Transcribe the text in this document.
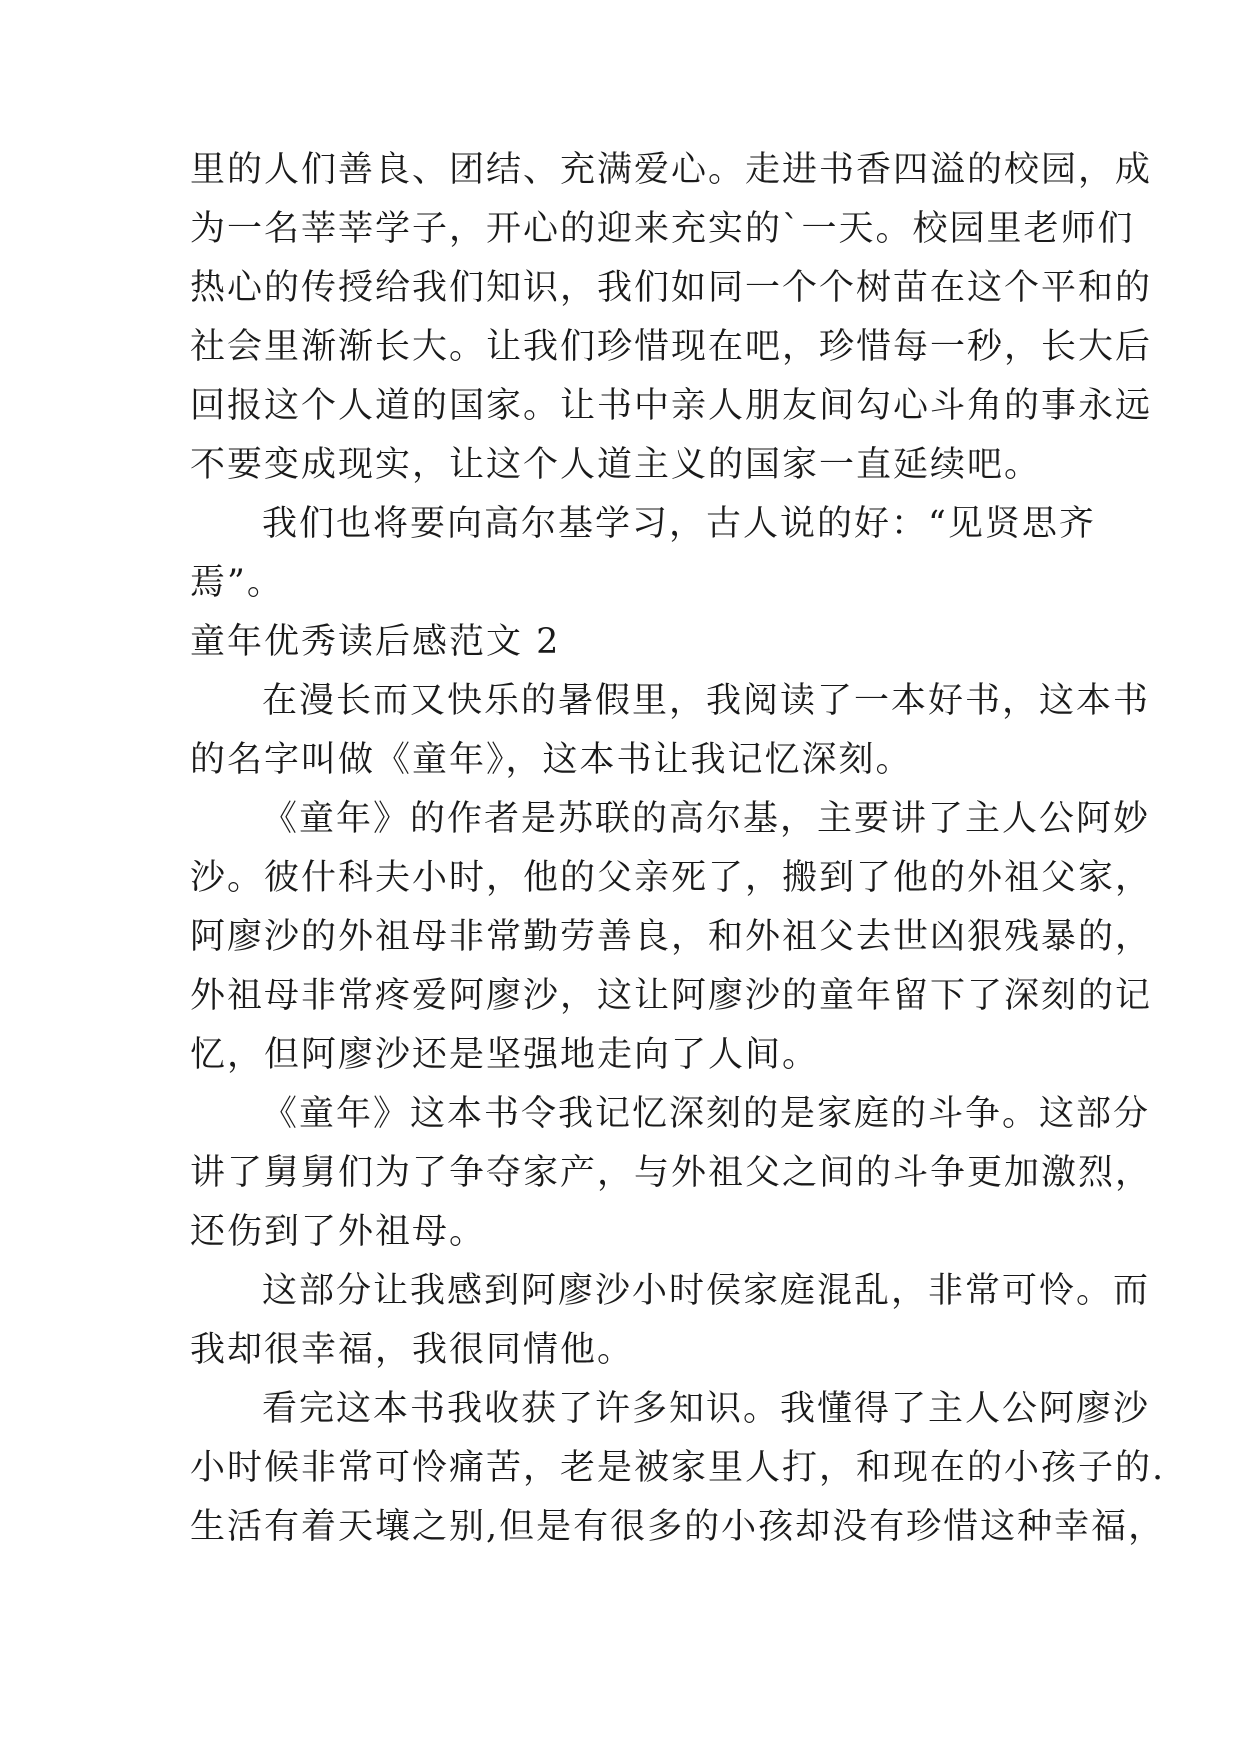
里的人们善良、团结、充满爱心。走进书香四溢的校园，成
为一名莘莘学子，开心的迎来充实的`一天。校园里老师们
热心的传授给我们知识，我们如同一个个树苗在这个平和的
社会里渐渐长大。让我们珍惜现在吧，珍惜每一秒，长大后
回报这个人道的国家。让书中亲人朋友间勾心斗角的事永远
不要变成现实，让这个人道主义的国家一直延续吧。
我们也将要向高尔基学习，古人说的好：“见贤思齐
焉”。
童年优秀读后感范文 2
在漫长而又快乐的暑假里，我阅读了一本好书，这本书
的名字叫做《童年》，这本书让我记忆深刻。
《童年》的作者是苏联的高尔基，主要讲了主人公阿妙
沙。彼什科夫小时，他的父亲死了，搬到了他的外祖父家，
阿廖沙的外祖母非常勤劳善良，和外祖父去世凶狠残暴的，
外祖母非常疼爱阿廖沙，这让阿廖沙的童年留下了深刻的记
忆，但阿廖沙还是坚强地走向了人间。
《童年》这本书令我记忆深刻的是家庭的斗争。这部分
讲了舅舅们为了争夺家产，与外祖父之间的斗争更加激烈，
还伤到了外祖母。
这部分让我感到阿廖沙小时侯家庭混乱，非常可怜。而
我却很幸福，我很同情他。
看完这本书我收获了许多知识。我懂得了主人公阿廖沙
小时候非常可怜痛苦，老是被家里人打，和现在的小孩子的.
生活有着天壤之别,但是有很多的小孩却没有珍惜这种幸福，
